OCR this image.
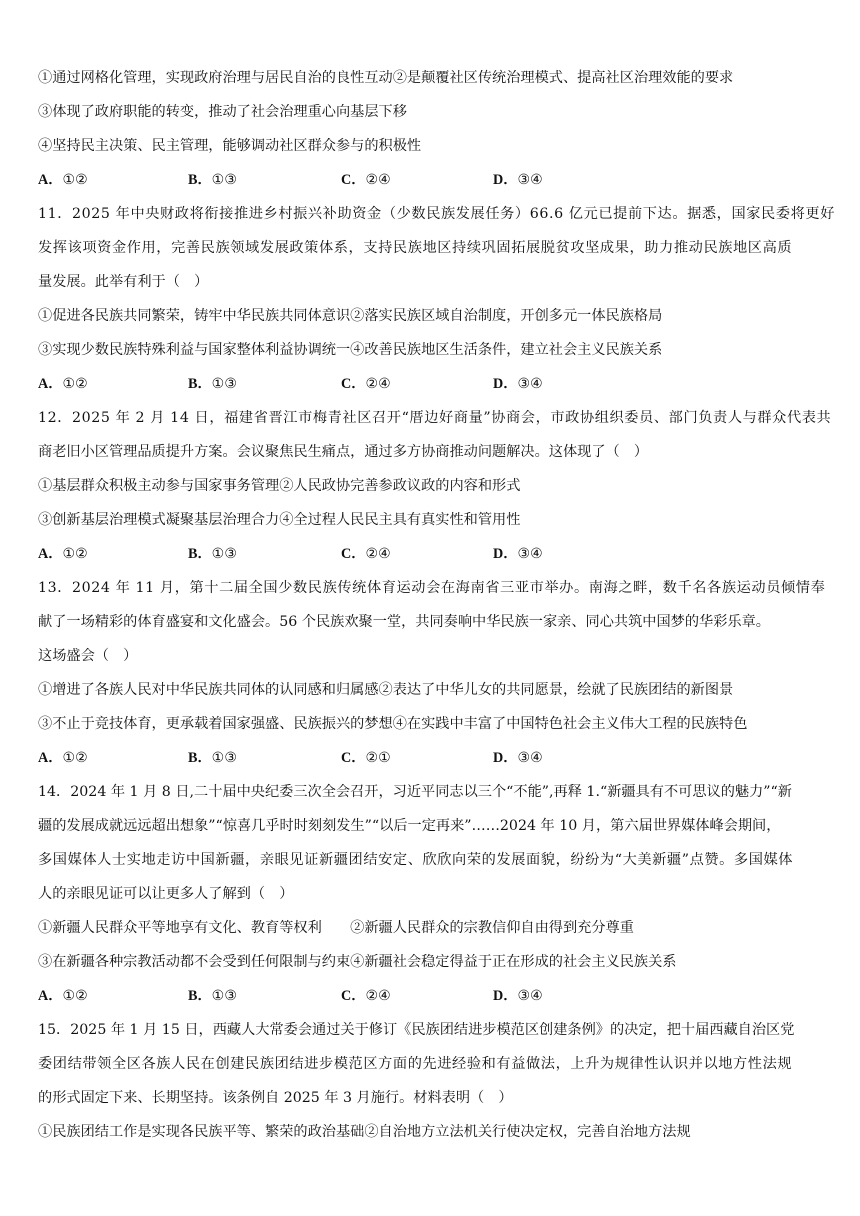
①通过网格化管理，实现政府治理与居民自治的良性互动②是颠覆社区传统治理模式、提高社区治理效能的要求
③体现了政府职能的转变，推动了社会治理重心向基层下移
④坚持民主决策、民主管理，能够调动社区群众参与的积极性
A．①②	B．①③	C．②④	D．③④
11．2025 年中央财政将衔接推进乡村振兴补助资金（少数民族发展任务）66.6 亿元已提前下达。据悉，国家民委将更好
发挥该项资金作用，完善民族领域发展政策体系，支持民族地区持续巩固拓展脱贫攻坚成果，助力推动民族地区高质
量发展。此举有利于（　）
①促进各民族共同繁荣，铸牢中华民族共同体意识②落实民族区域自治制度，开创多元一体民族格局
③实现少数民族特殊利益与国家整体利益协调统一④改善民族地区生活条件，建立社会主义民族关系
A．①②	B．①③	C．②④	D．③④
12．2025 年 2 月 14 日，福建省晋江市梅青社区召开“厝边好商量”协商会，市政协组织委员、部门负责人与群众代表共
商老旧小区管理品质提升方案。会议聚焦民生痛点，通过多方协商推动问题解决。这体现了（　）
①基层群众积极主动参与国家事务管理②人民政协完善参政议政的内容和形式
③创新基层治理模式凝聚基层治理合力④全过程人民民主具有真实性和管用性
A．①②	B．①③	C．②④	D．③④
13．2024 年 11 月，第十二届全国少数民族传统体育运动会在海南省三亚市举办。南海之畔，数千名各族运动员倾情奉
献了一场精彩的体育盛宴和文化盛会。56 个民族欢聚一堂，共同奏响中华民族一家亲、同心共筑中国梦的华彩乐章。
这场盛会（　）
①增进了各族人民对中华民族共同体的认同感和归属感②表达了中华儿女的共同愿景，绘就了民族团结的新图景
③不止于竞技体育，更承载着国家强盛、民族振兴的梦想④在实践中丰富了中国特色社会主义伟大工程的民族特色
A．①②	B．①③	C．②①	D．③④
14．2024 年 1 月 8 日,二十届中央纪委三次全会召开，习近平同志以三个“不能”,再释 1.“新疆具有不可思议的魅力”“新
疆的发展成就远远超出想象”“惊喜几乎时时刻刻发生”“以后一定再来”……2024 年 10 月，第六届世界媒体峰会期间，
多国媒体人士实地走访中国新疆，亲眼见证新疆团结安定、欣欣向荣的发展面貌，纷纷为“大美新疆”点赞。多国媒体
人的亲眼见证可以让更多人了解到（　）
①新疆人民群众平等地享有文化、教育等权利　　②新疆人民群众的宗教信仰自由得到充分尊重
③在新疆各种宗教活动都不会受到任何限制与约束④新疆社会稳定得益于正在形成的社会主义民族关系
A．①②	B．①③	C．②④	D．③④
15．2025 年 1 月 15 日，西藏人大常委会通过关于修订《民族团结进步模范区创建条例》的决定，把十届西藏自治区党
委团结带领全区各族人民在创建民族团结进步模范区方面的先进经验和有益做法，上升为规律性认识并以地方性法规
的形式固定下来、长期坚持。该条例自 2025 年 3 月施行。材料表明（　）
①民族团结工作是实现各民族平等、繁荣的政治基础②自治地方立法机关行使决定权，完善自治地方法规
